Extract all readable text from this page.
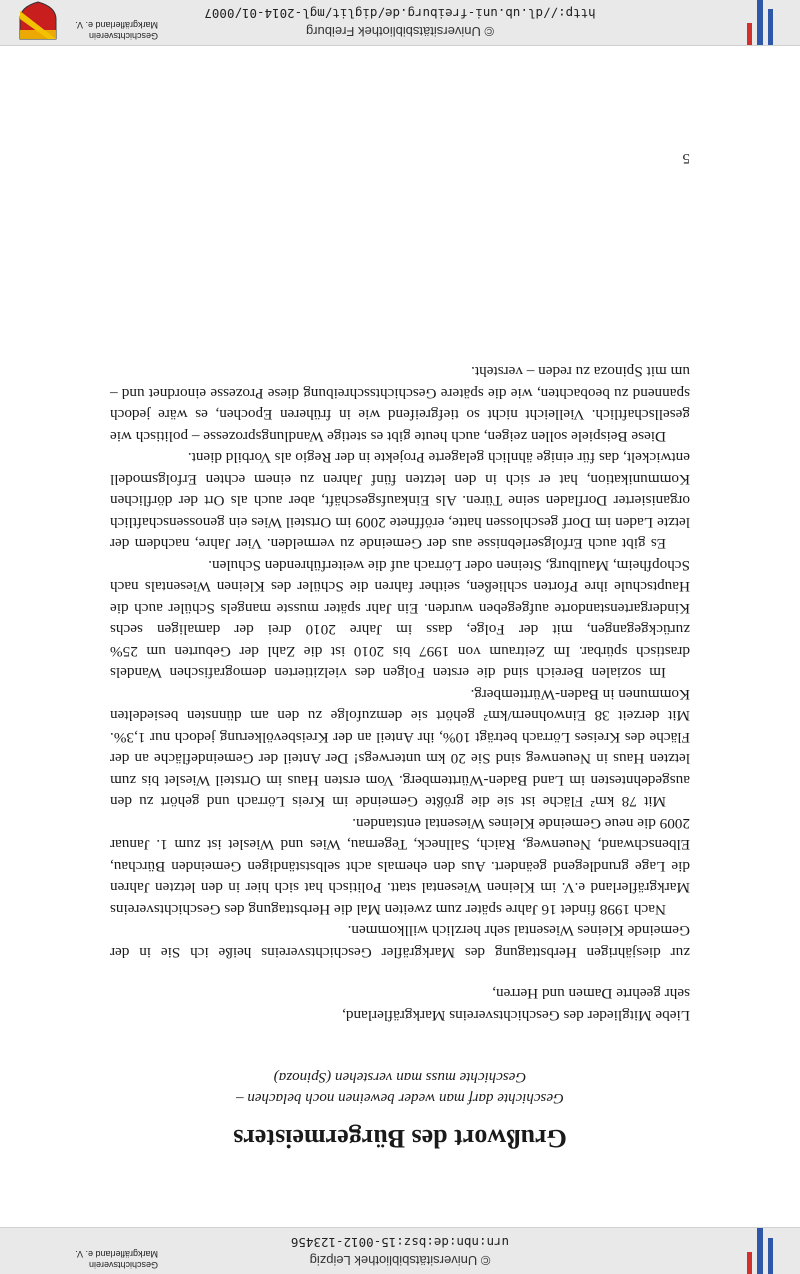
© Universitätsbibliothek Leipzig
urn:nbn:de:bsz:15-0012-123456
Geschichtsverein
Markgräflerland e. V.
Grußwort des Bürgermeisters
Geschichte darf man weder beweinen noch belachen –
Geschichte muss man verstehen (Spinoza)
Liebe Mitglieder des Geschichtsvereins Markgräflerland,
sehr geehrte Damen und Herren,

zur diesjährigen Herbsttagung des Markgräfler Geschichtsvereins heiße ich Sie in der Gemeinde Kleines Wiesental sehr herzlich willkommen.

Nach 1998 findet 16 Jahre später zum zweiten Mal die Herbsttagung des Geschichtsvereins Markgräflerland e.V. im Kleinen Wiesental statt. Politisch hat sich hier in den letzten Jahren die Lage grundlegend geändert. Aus den ehemals acht selbstständigen Gemeinden Bürchau, Elbenschwand, Neuenweg, Raich, Sallneck, Tegernau, Wies und Wieslet ist zum 1. Januar 2009 die neue Gemeinde Kleines Wiesental entstanden.

Mit 78 km² Fläche ist sie die größte Gemeinde im Kreis Lörrach und gehört zu den ausgedehntesten im Land Baden-Württemberg. Vom ersten Haus im Ortsteil Wieslet bis zum letzten Haus in Neuenweg sind Sie 20 km unterwegs! Der Anteil der Gemeindefläche an der Fläche des Kreises Lörrach beträgt 10%, ihr Anteil an der Kreisbevölkerung jedoch nur 1,3%. Mit derzeit 38 Einwohnern/km² gehört sie demzufolge zu den am dünnsten besiedelten Kommunen in Baden-Württemberg.

Im sozialen Bereich sind die ersten Folgen des vielzitierten demografischen Wandels drastisch spürbar. Im Zeitraum von 1997 bis 2010 ist die Zahl der Geburten um 25% zurückgegangen, mit der Folge, dass im Jahre 2010 drei der damaligen sechs Kindergartenstandorte aufgegeben wurden. Ein Jahr später musste mangels Schüler auch die Hauptschule ihre Pforten schließen, seither fahren die Schüler des Kleinen Wiesentals nach Schopfheim, Maulburg, Steinen oder Lörrach auf die weiterführenden Schulen.

Es gibt auch Erfolgserlebnisse aus der Gemeinde zu vermelden. Vier Jahre, nachdem der letzte Laden im Dorf geschlossen hatte, eröffnete 2009 im Ortsteil Wies ein genossenschaftlich organisierter Dorfladen seine Türen. Als Einkaufsgeschäft, aber auch als Ort der dörflichen Kommunikation, hat er sich in den letzten fünf Jahren zu einem echten Erfolgsmodell entwickelt, das für einige ähnlich gelagerte Projekte in der Regio als Vorbild dient.

Diese Beispiele sollen zeigen, auch heute gibt es stetige Wandlungsprozesse – politisch wie gesellschaftlich. Vielleicht nicht so tiefgreifend wie in früheren Epochen, es wäre jedoch spannend zu beobachten, wie die spätere Geschichtsschreibung diese Prozesse einordnet und – um mit Spinoza zu reden – versteht.

5
© Universitätsbibliothek Freiburg
http://dl.ub.uni-freiburg.de/diglit/mgl-2014-01/0007
Geschichtsverein
Markgräflerland e. V.
